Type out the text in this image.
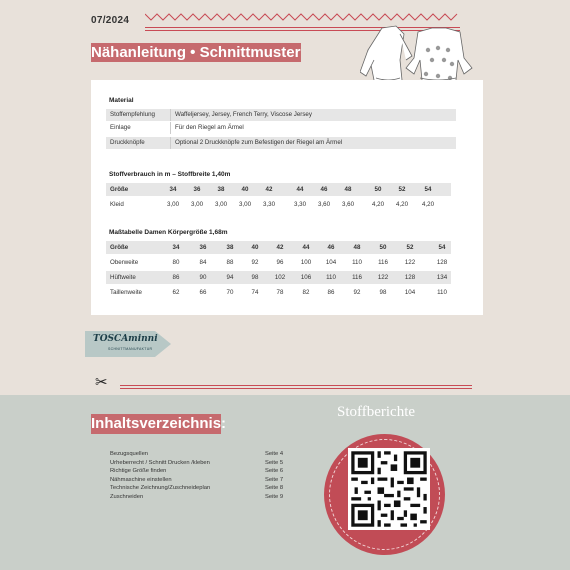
07/2024
Nähanleitung • Schnittmuster
Material
Stoffempfehlung	Waffeljersey, Jersey, French Terry, Viscose Jersey
Einlage	Für den Riegel am Ärmel
Druckknöpfe	Optional 2 Druckknöpfe zum Befestigen der Riegel am Ärmel
Stoffverbrauch in m – Stoffbreite 1,40m
Größe	34	36	38	40	42	44	46	48	50	52	54
Kleid	3,00	3,00	3,00	3,00	3,30	3,30	3,60	3,60	4,20	4,20	4,20
Maßtabelle Damen Körpergröße 1,68m
Größe	34	36	38	40	42	44	46	48	50	52	54
Oberweite	80	84	88	92	96	100	104	110	116	122	128
Hüftweite	86	90	94	98	102	106	110	116	122	128	134
Taillenweite	62	66	70	74	78	82	86	92	98	104	110
TOSCAminni
SCHNITTMANUFAKTUR
✂
Inhaltsverzeichnis:
Bezugsquellen	Seite 4
Urheberrecht / Schnitt Drucken /kleben	Seite 5
Richtige Größe finden	Seite 6
Nähmaschine einstellen	Seite 7
Technische Zeichnung/Zuschneideplan	Seite 8
Zuschneiden	Seite 9
Stoffberichte
